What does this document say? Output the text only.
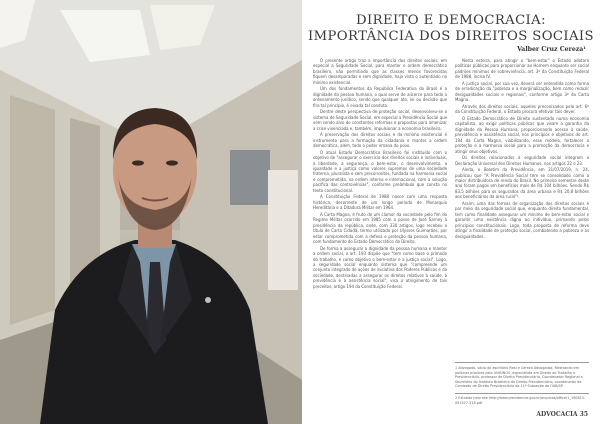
DIREITO E DEMOCRACIA:
IMPORTÂNCIA DOS DIREITOS SOCIAIS
Valber Cruz Cereza¹

O presente artigo traz a importância dos direitos sociais, em especial a Seguridade Social, para manter o ordem democrático brasileiro, não permitindo que as classes menos favorecidas fiquem desamparadas e sem dignidade, haja vista o autentiádo no mínimo existencial.

Um dos fundamentos da República Federativa do Brasil é a dignidade da pessoa humana, o qual serve de alicerce para todo o ordenamento jurídico, sendo que qualquer ato, lei ou decisão que fira tal princípio, é eivada tal conduta.

Dentre deste perspectiva de proteção social, desenvolveu-se o sistema de Seguridade Social, em especial a Previdência Social que vem sendo alvo de constantes reformas e propostas para amenizar a crise vivenciada e, também, impulsionar a economia brasileira.

A preservação dos direitos sociais e do mínimo existencial é instrumento para a formação da cidadania e manter a ordem democrática, além, todo o poder emana do povo.

O atual Estado Democrático Brasileiro foi instituído com o objetivo de "assegurar o exercício dos direitos sociais e individuais, a liberdade, a segurança, o bem-estar, o desenvolvimento, a igualdade e a justiça como valores supremos de uma sociedade fraterna, pluralista e sem preconceitos, fundada na harmonia social e comprometida, na ordem interna e internacional, com a solução pacífica das controvérsias", conforme preâmbulo que consta no texto constitucional.

A Constituição Federal de 1988 nasce com uma resposta histórica, decorrente de um longo período de Monarquia Hereditária e a Ditadura Militar em 1964.

A Carta Magna, é fruto de um clamor da sociedade pelo fim do Regime Militar ocorrido em 1985 com a posse de José Sarney à presidência da república, onde, com 330 artigos, logo recebeu o título de Carta Cidadã, termo utilizado por Ulysses Guimarães, por estar comprometida com a defesa e proteção da pessoa humana, com fundamento do Estado Democrático de Direito.

De forma a assegurar a dignidade da pessoa humana e manter a ordem social, o art. 193 dispõe que "tem como base o primado do trabalho, e como objetivo o bem-estar e a justiça social". Logo, a seguridade social enquanto sistema que "compreende um conjunto integrado de ações de iniciativa dos Poderes Públicos e da sociedade, destinadas a assegurar os direitos relativos à saúde, à previdência e à assistência social", visa o atingimento de tais preceitos, artigo 194 da Constituição Federal.

Nesta esteira, para atingir o "bem-estar" o Estado adotará políticas públicas para proporcionar ao Homem enquanto ser social padrões mínimos de sobrevivência, art. 3º da Constituição Federal de 1988, inciso IV.

A justiça social, por sua vez, deverá ser entendida como forma de erradicação da "pobreza e a marginalização, bem como reduzir desigualdades sociais e regionais", conforme artigo 3º da Carta Magna.

Através dos direitos sociais, aqueles preconizados pelo art. 6º da Constituição Federal, o Estado procura efetivar tais dever.

O Estado Democrático de Direito sustentado numa economia capitalista, ao exigir políticas públicas que visam a garantia da dignidade da Pessoa Humana, proporcionando acesso à saúde, previdência e assistência social, nos princípios e objetivos do art. 194 da Carta Magna, viabilizando, esse modelo, fortalecer a proteção e a harmonia social para a promoção da democracia e atingir seus objetivos.

Os direitos relacionados à seguridade social integram a Declaração Universal dos Direitos Humanos, nos artigos 22 e 23.

Ainda, o Boletim da Previdência, em 31/07/2019, n. 24, publicou que "A Previdência Social tem se consolidado como a maior distribuidora de renda do Brasil. No primeiro semestre deste ano foram pagos em benefícios mais de R$ 104 bilhões. Sendo R$ 83,5 bilhões para os segurados da área urbana e R$ 20,8 bilhões aos beneficiários da área rural"².

Assim, uma das formas de organização dos direitos sociais é por meio da seguridade social que, enquanto direito fundamental, tem como finalidade assegurar um mínimo de bem-estar social e garantir uma existência digna ao indivíduo, primando pelos princípios constitucionais. Logo, toda proposta de reforma deve atingir a finalidade de proteção social, combatendo a pobreza e as desigualdades.

1 Advogado, sócio do escritório Real e Cereza Advogados, Mestrando em políticas públicas pela UNISINOS, especialista em Direito do Trabalho e Previdenciário, professor de Direito Previdenciário, Coordenador Regional e Secretário do Instituto Brasileiro de Direito Previdenciário, coordenador da Comissão de Direito Previdenciário da 11ª Subseção da OAB/SP.

2 Extraído pelo site http://www.previdencia.gov.br/arquivos/office/1_190815-091527-318.pdf

ADVOCACIA 35
